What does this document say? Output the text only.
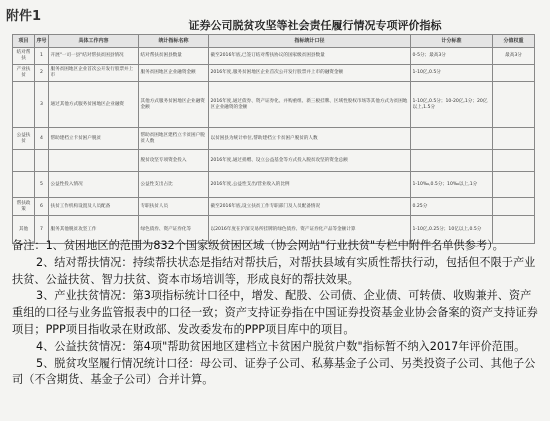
附件1
证券公司脱贫攻坚等社会责任履行情况专项评价指标
项目	序号	具体工作内容	统计指标名称	指标统计口径	计分标准	分值权重
结对帮扶	1	开展"一司一县"结对帮扶贫困县情况	结对帮扶贫困县数量	截至2016年底,已签订结对帮扶协议的国家级贫困县数量	0-5分；最高3分	最高3分
产业扶贫	2	服务贫困地区企业首次公开发行股票并上市	服务贫困地区企业融资金额	2016年度,服务贫困地区企业首次公开发行股票并上市的融资金额	1-10亿,0.5分	
	3	通过其他方式服务贫困地区企业融资	其他方式服务贫困地区企业融资金额	2016年度,通过债券、资产证券化、并购重组、新三板挂牌、区域性股权市场等其他方式为贫困地区企业融资的金额	1-10亿,0.5分；10-20亿,1分；20亿以上,1.5分	
公益扶贫	4	帮助建档立卡贫困户脱贫	帮助贫困地区建档立卡贫困户脱贫人数	以贫困县为统计单位,帮助建档立卡贫困户脱贫的人数		
			脱贫攻坚专项资金投入	2016年度,通过捐赠、设立公益基金等方式投入脱贫攻坚的资金总额		
	5	公益性投入情况	公益性支出占比	2016年度,公益性支出/营业收入的比例	1-10‰,0.5分；10‰以上,1分	
帮扶政策	6	扶贫工作机构设置及人员配备	专职扶贫人员	截至2016年底,设立扶贫工作专职部门及人员配备情况	0.25分	
其他	7	服务其他脱贫攻坚工作	绿色债券、资产证券化等	以2016年度在沪深交易所挂牌的绿色债券、资产证券化产品等金额计算	1-10亿,0.25分；10亿以上,0.5分	

备注：1、贫困地区的范围为832个国家级贫困区域（协会网站"行业扶贫"专栏中附件名单供参考）。

2、结对帮扶情况：持续帮扶状态是指结对帮扶后，对帮扶县域有实质性帮扶行动，包括但不限于产业扶贫、公益扶贫、智力扶贫、资本市场培训等，形成良好的帮扶效果。

3、产业扶贫情况：第3项指标统计口径中，增发、配股、公司债、企业债、可转债、收购兼并、资产重组的口径与业务监管报表中的口径一致；资产支持证券指在中国证券投资基金业协会备案的资产支持证券项目；PPP项目指收录在财政部、发改委发布的PPP项目库中的项目。

4、公益扶贫情况：第4项"帮助贫困地区建档立卡贫困户脱贫户数"指标暂不纳入2017年评价范围。

5、脱贫攻坚履行情况统计口径：母公司、证券子公司、私募基金子公司、另类投资子公司、其他子公司（不含期货、基金子公司）合并计算。
